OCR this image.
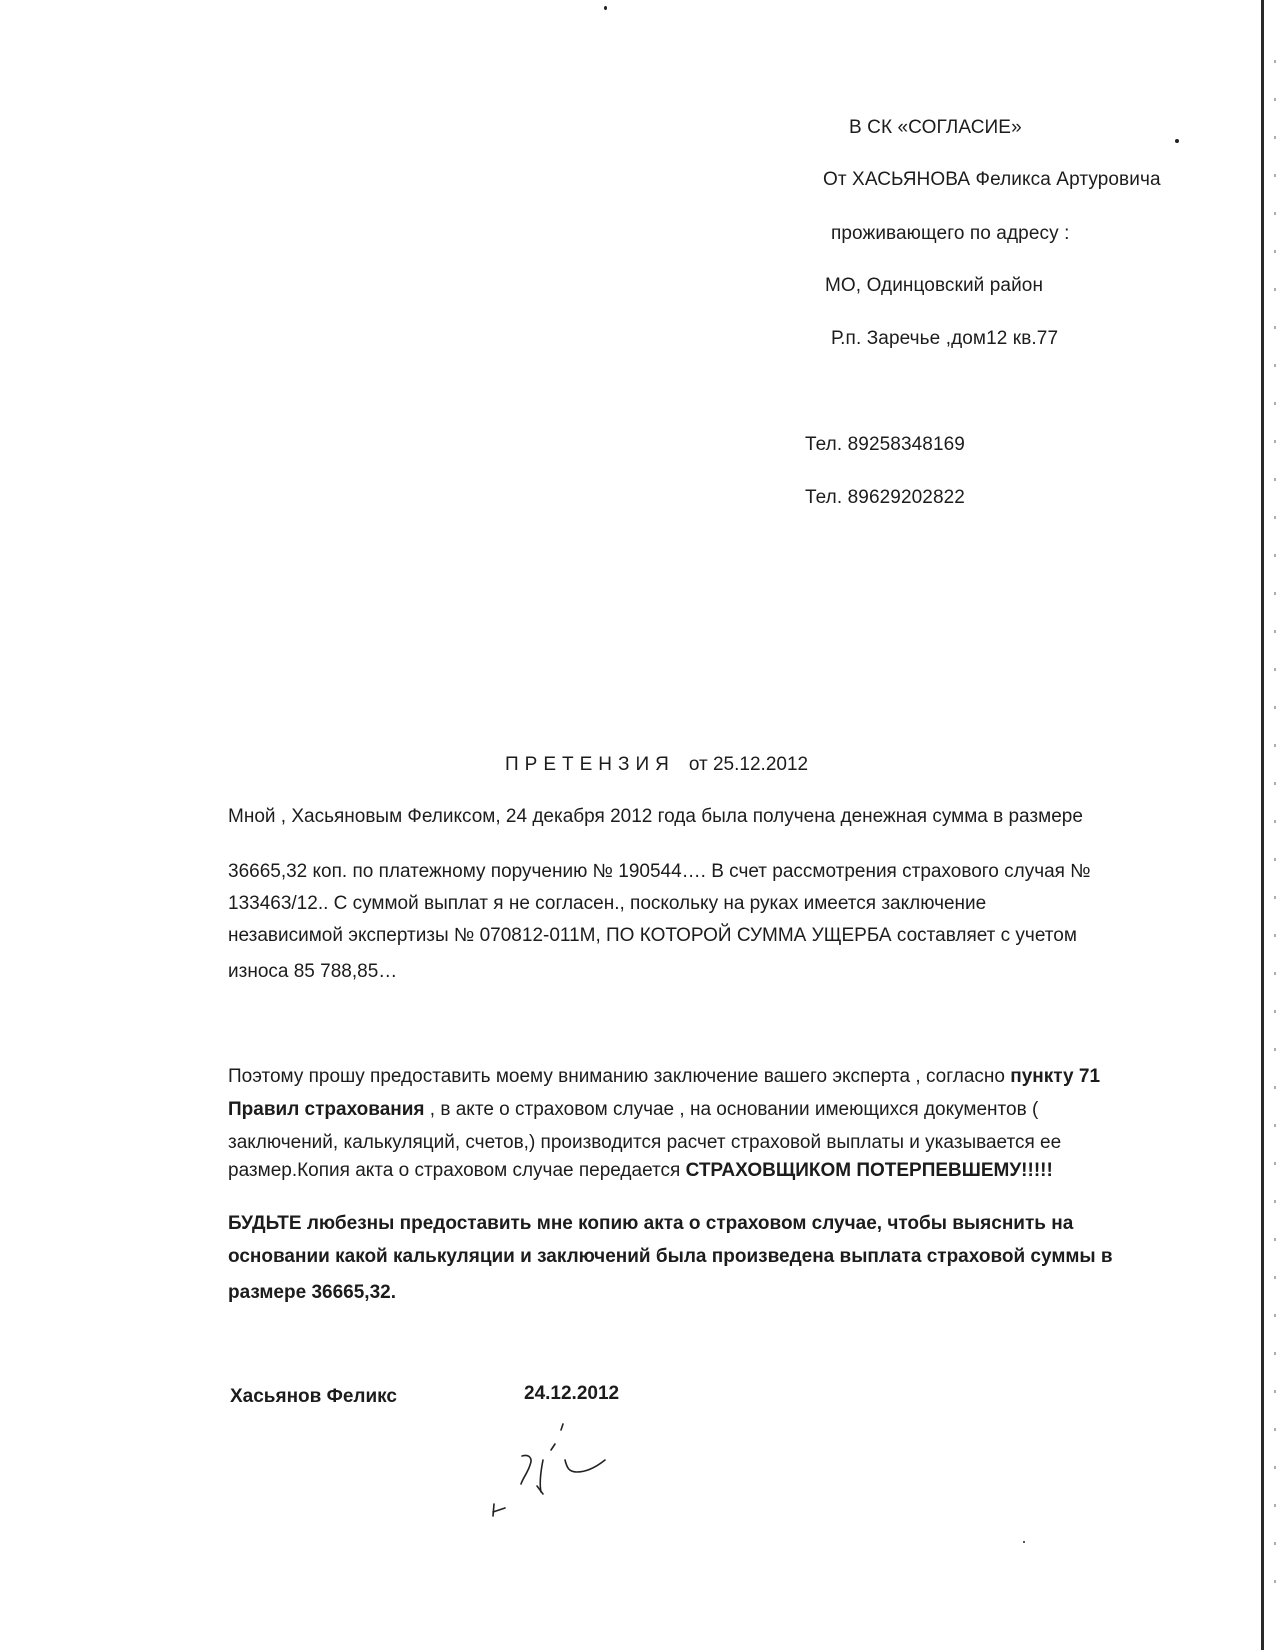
В СК «СОГЛАСИЕ»
От ХАСЬЯНОВА Феликса Артуровича
проживающего по адресу :
МО, Одинцовский район
Р.п. Заречье ,дом12 кв.77
Тел. 89258348169
Тел. 89629202822
ПРЕТЕНЗИЯ от 25.12.2012
Мной , Хасьяновым Феликсом, 24 декабря 2012 года была получена денежная сумма в размере
36665,32 коп. по платежному поручению № 190544…. В счет рассмотрения страхового случая №
133463/12.. С суммой выплат я не согласен., поскольку на руках имеется заключение
независимой экспертизы № 070812-011М, ПО КОТОРОЙ СУММА УЩЕРБА составляет с учетом
износа 85 788,85…
Поэтому прошу предоставить моему вниманию заключение вашего эксперта , согласно пункту 71
Правил страхования , в акте о страховом случае , на основании имеющихся документов (
заключений, калькуляций, счетов,) производится расчет страховой выплаты и указывается ее
размер.Копия акта о страховом случае передается СТРАХОВЩИКОМ ПОТЕРПЕВШЕМУ!!!!!
БУДЬТЕ любезны предоставить мне копию акта о страховом случае, чтобы выяснить на
основании какой калькуляции и заключений была произведена выплата страховой суммы в
размере 36665,32.
Хасьянов Феликс	24.12.2012
